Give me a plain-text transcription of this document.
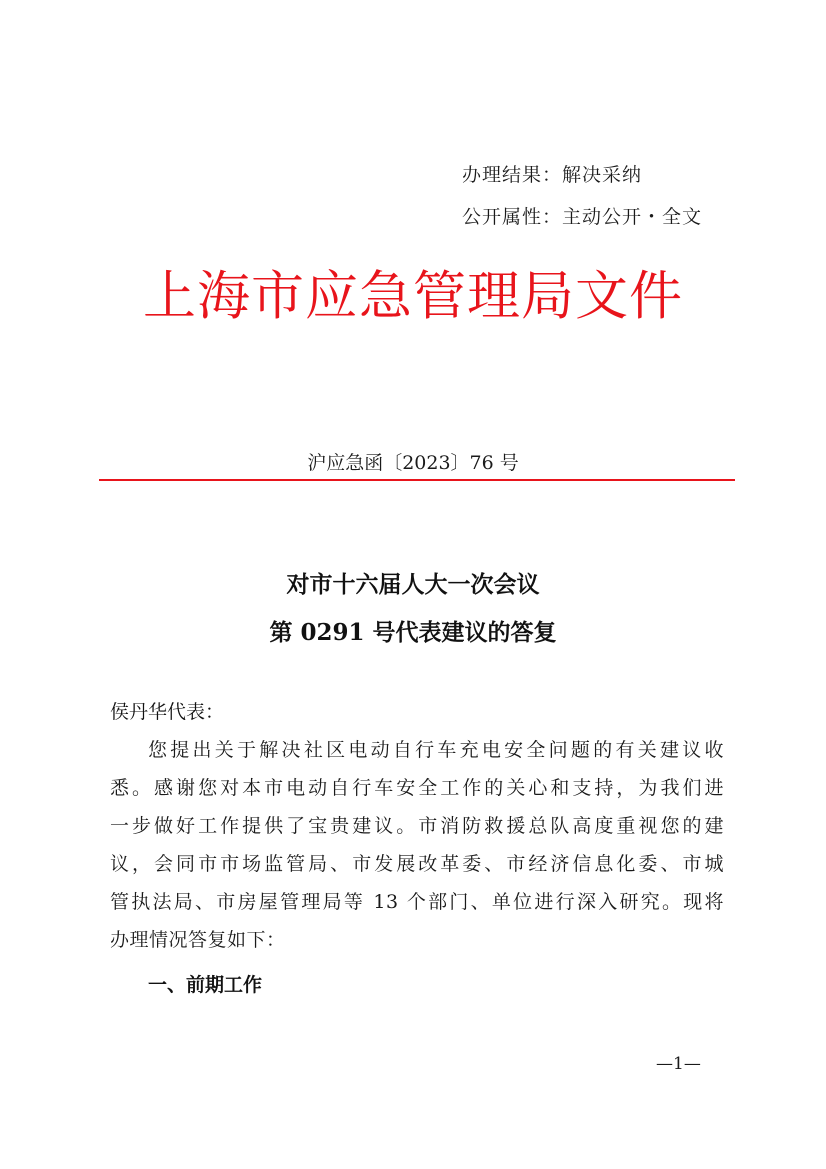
办理结果：解决采纳
公开属性：主动公开・全文
上海市应急管理局文件
沪应急函〔2023〕76 号
对市十六届人大一次会议
第 0291 号代表建议的答复
侯丹华代表：
您提出关于解决社区电动自行车充电安全问题的有关建议收
悉。感谢您对本市电动自行车安全工作的关心和支持，为我们进
一步做好工作提供了宝贵建议。市消防救援总队高度重视您的建
议，会同市市场监管局、市发展改革委、市经济信息化委、市城
管执法局、市房屋管理局等 13 个部门、单位进行深入研究。现将
办理情况答复如下：
一、前期工作
—1—
